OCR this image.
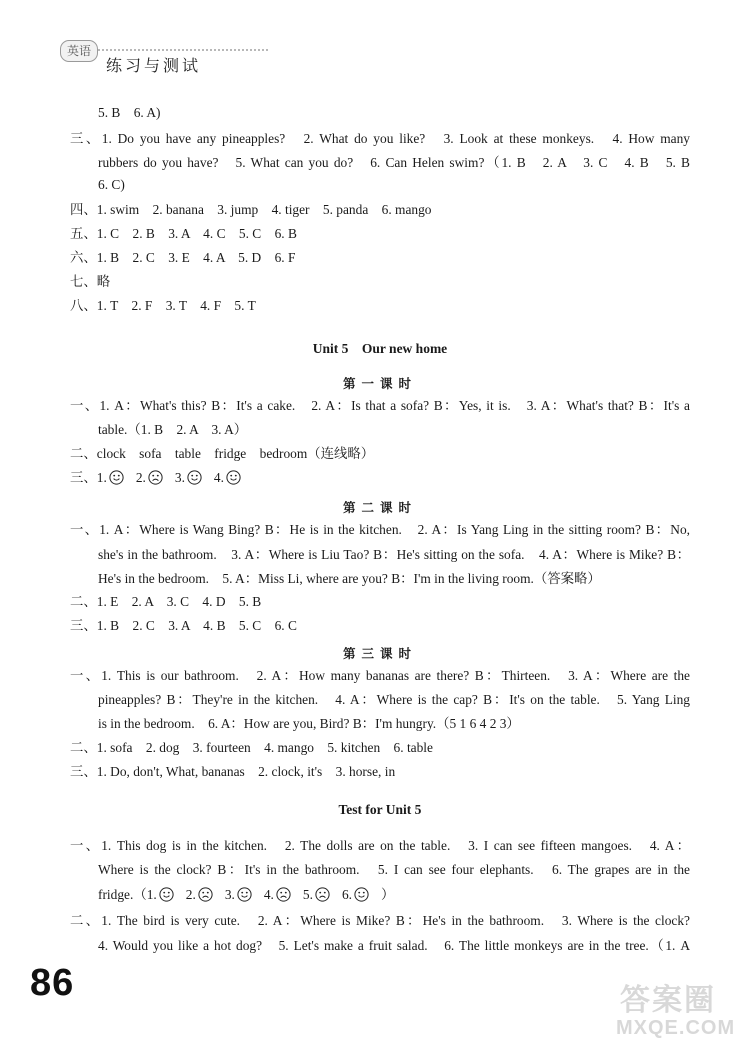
英语
练习与测试
5. B　6. A)
三、1. Do you have any pineapples?　2. What do you like?　3. Look at these monkeys.　4. How many
rubbers do you have?　5. What can you do?　6. Can Helen swim?（1. B　2. A　3. C　4. B　5. B
6. C)
四、1. swim　2. banana　3. jump　4. tiger　5. panda　6. mango
五、1. C　2. B　3. A　4. C　5. C　6. B
六、1. B　2. C　3. E　4. A　5. D　6. F
七、略
八、1. T　2. F　3. T　4. F　5. T
Unit 5　Our new home
第一课时
一、1. A：What's this? B：It's a cake.　2. A：Is that a sofa? B：Yes, it is.　3. A：What's that? B：It's a
table.（1. B　2. A　3. A）
二、clock　sofa　table　fridge　bedroom（连线略）
三、1. 2. 3. 4.
第二课时
一、1. A：Where is Wang Bing? B：He is in the kitchen.　2. A：Is Yang Ling in the sitting room? B：No,
she's in the bathroom.　3. A：Where is Liu Tao? B：He's sitting on the sofa.　4. A：Where is Mike? B：
He's in the bedroom.　5. A：Miss Li, where are you? B：I'm in the living room.（答案略）
二、1. E　2. A　3. C　4. D　5. B
三、1. B　2. C　3. A　4. B　5. C　6. C
第三课时
一、1. This is our bathroom.　2. A：How many bananas are there? B：Thirteen.　3. A：Where are the
pineapples? B：They're in the kitchen.　4. A：Where is the cap? B：It's on the table.　5. Yang Ling
is in the bedroom.　6. A：How are you, Bird? B：I'm hungry.（5 1 6 4 2 3）
二、1. sofa　2. dog　3. fourteen　4. mango　5. kitchen　6. table
三、1. Do, don't, What, bananas　2. clock, it's　3. horse, in
Test for Unit 5
一、1. This dog is in the kitchen.　2. The dolls are on the table.　3. I can see fifteen mangoes.　4. A：
Where is the clock? B：It's in the bathroom.　5. I can see four elephants.　6. The grapes are in the
fridge.（1. 2. 3. 4. 5. 6. ）
二、1. The bird is very cute.　2. A：Where is Mike? B：He's in the bathroom.　3. Where is the clock?
4. Would you like a hot dog?　5. Let's make a fruit salad.　6. The little monkeys are in the tree.（1. A
86	答案圈
MXQE.COM
